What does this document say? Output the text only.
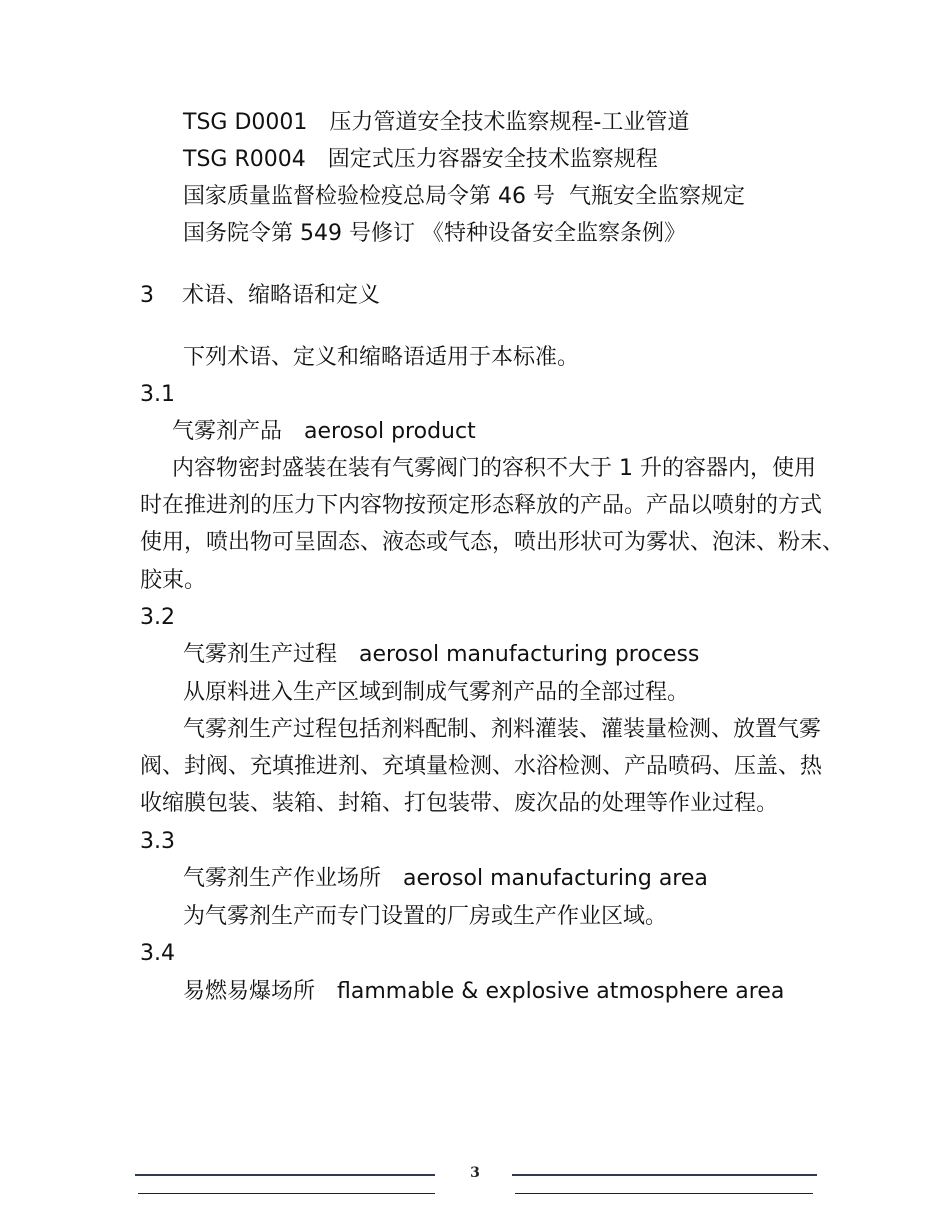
TSG D0001 压力管道安全技术监察规程-工业管道
TSG R0004 固定式压力容器安全技术监察规程
国家质量监督检验检疫总局令第 46 号  气瓶安全监察规定
国务院令第 549 号修订 《特种设备安全监察条例》
3    术语、缩略语和定义
下列术语、定义和缩略语适用于本标准。
3.1
气雾剂产品 aerosol product
内容物密封盛装在装有气雾阀门的容积不大于 1 升的容器内，使用
时在推进剂的压力下内容物按预定形态释放的产品。产品以喷射的方式
使用，喷出物可呈固态、液态或气态，喷出形状可为雾状、泡沫、粉末、
胶束。
3.2
气雾剂生产过程 aerosol manufacturing process
从原料进入生产区域到制成气雾剂产品的全部过程。
气雾剂生产过程包括剂料配制、剂料灌装、灌装量检测、放置气雾
阀、封阀、充填推进剂、充填量检测、水浴检测、产品喷码、压盖、热
收缩膜包装、装箱、封箱、打包装带、废次品的处理等作业过程。
3.3
气雾剂生产作业场所 aerosol manufacturing area
为气雾剂生产而专门设置的厂房或生产作业区域。
3.4
易燃易爆场所 flammable & explosive atmosphere area
3
